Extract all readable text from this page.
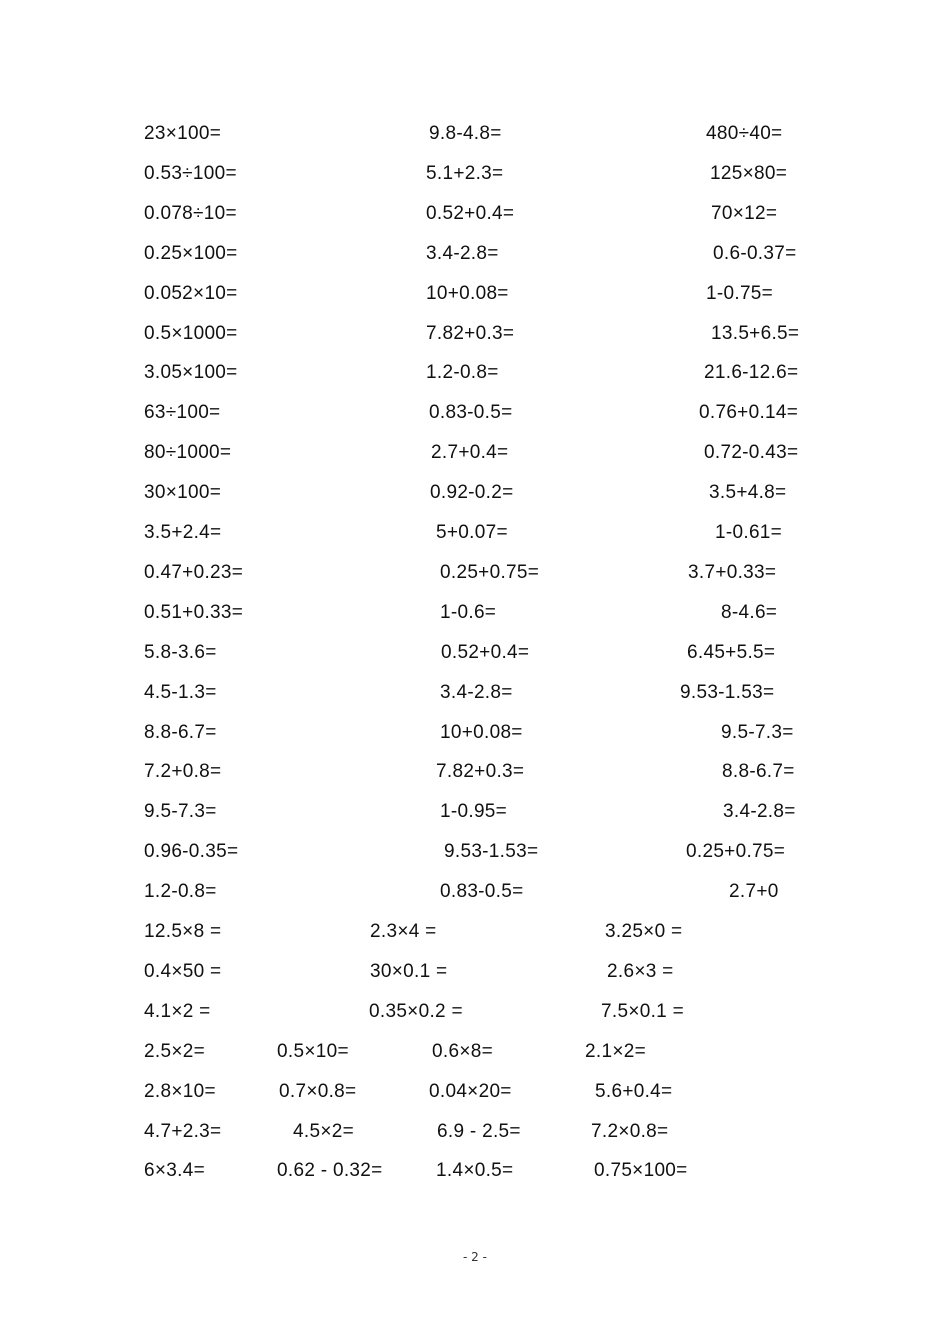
23×100=	9.8-4.8=	480÷40=
0.53÷100=	5.1+2.3=	125×80=
0.078÷10=	0.52+0.4=	70×12=
0.25×100=	3.4-2.8=	0.6-0.37=
0.052×10=	10+0.08=	1-0.75=
0.5×1000=	7.82+0.3=	13.5+6.5=
3.05×100=	1.2-0.8=	21.6-12.6=
63÷100=	0.83-0.5=	0.76+0.14=
80÷1000=	2.7+0.4=	0.72-0.43=
30×100=	0.92-0.2=	3.5+4.8=
3.5+2.4=	5+0.07=	1-0.61=
0.47+0.23=	0.25+0.75=	3.7+0.33=
0.51+0.33=	1-0.6=	8-4.6=
5.8-3.6=	0.52+0.4=	6.45+5.5=
4.5-1.3=	3.4-2.8=	9.53-1.53=
8.8-6.7=	10+0.08=	9.5-7.3=
7.2+0.8=	7.82+0.3=	8.8-6.7=
9.5-7.3=	1-0.95=	3.4-2.8=
0.96-0.35=	9.53-1.53=	0.25+0.75=
1.2-0.8=	0.83-0.5=	2.7+0
12.5×8 =	2.3×4 =	3.25×0 =
0.4×50 =	30×0.1 =	2.6×3 =
4.1×2 =	0.35×0.2 =	7.5×0.1 =
2.5×2=	0.5×10=	0.6×8=	2.1×2=
2.8×10=	0.7×0.8=	0.04×20=	5.6+0.4=
4.7+2.3=	4.5×2=	6.9 - 2.5=	7.2×0.8=
6×3.4=	0.62 - 0.32=	1.4×0.5=	0.75×100=
- 2 -
